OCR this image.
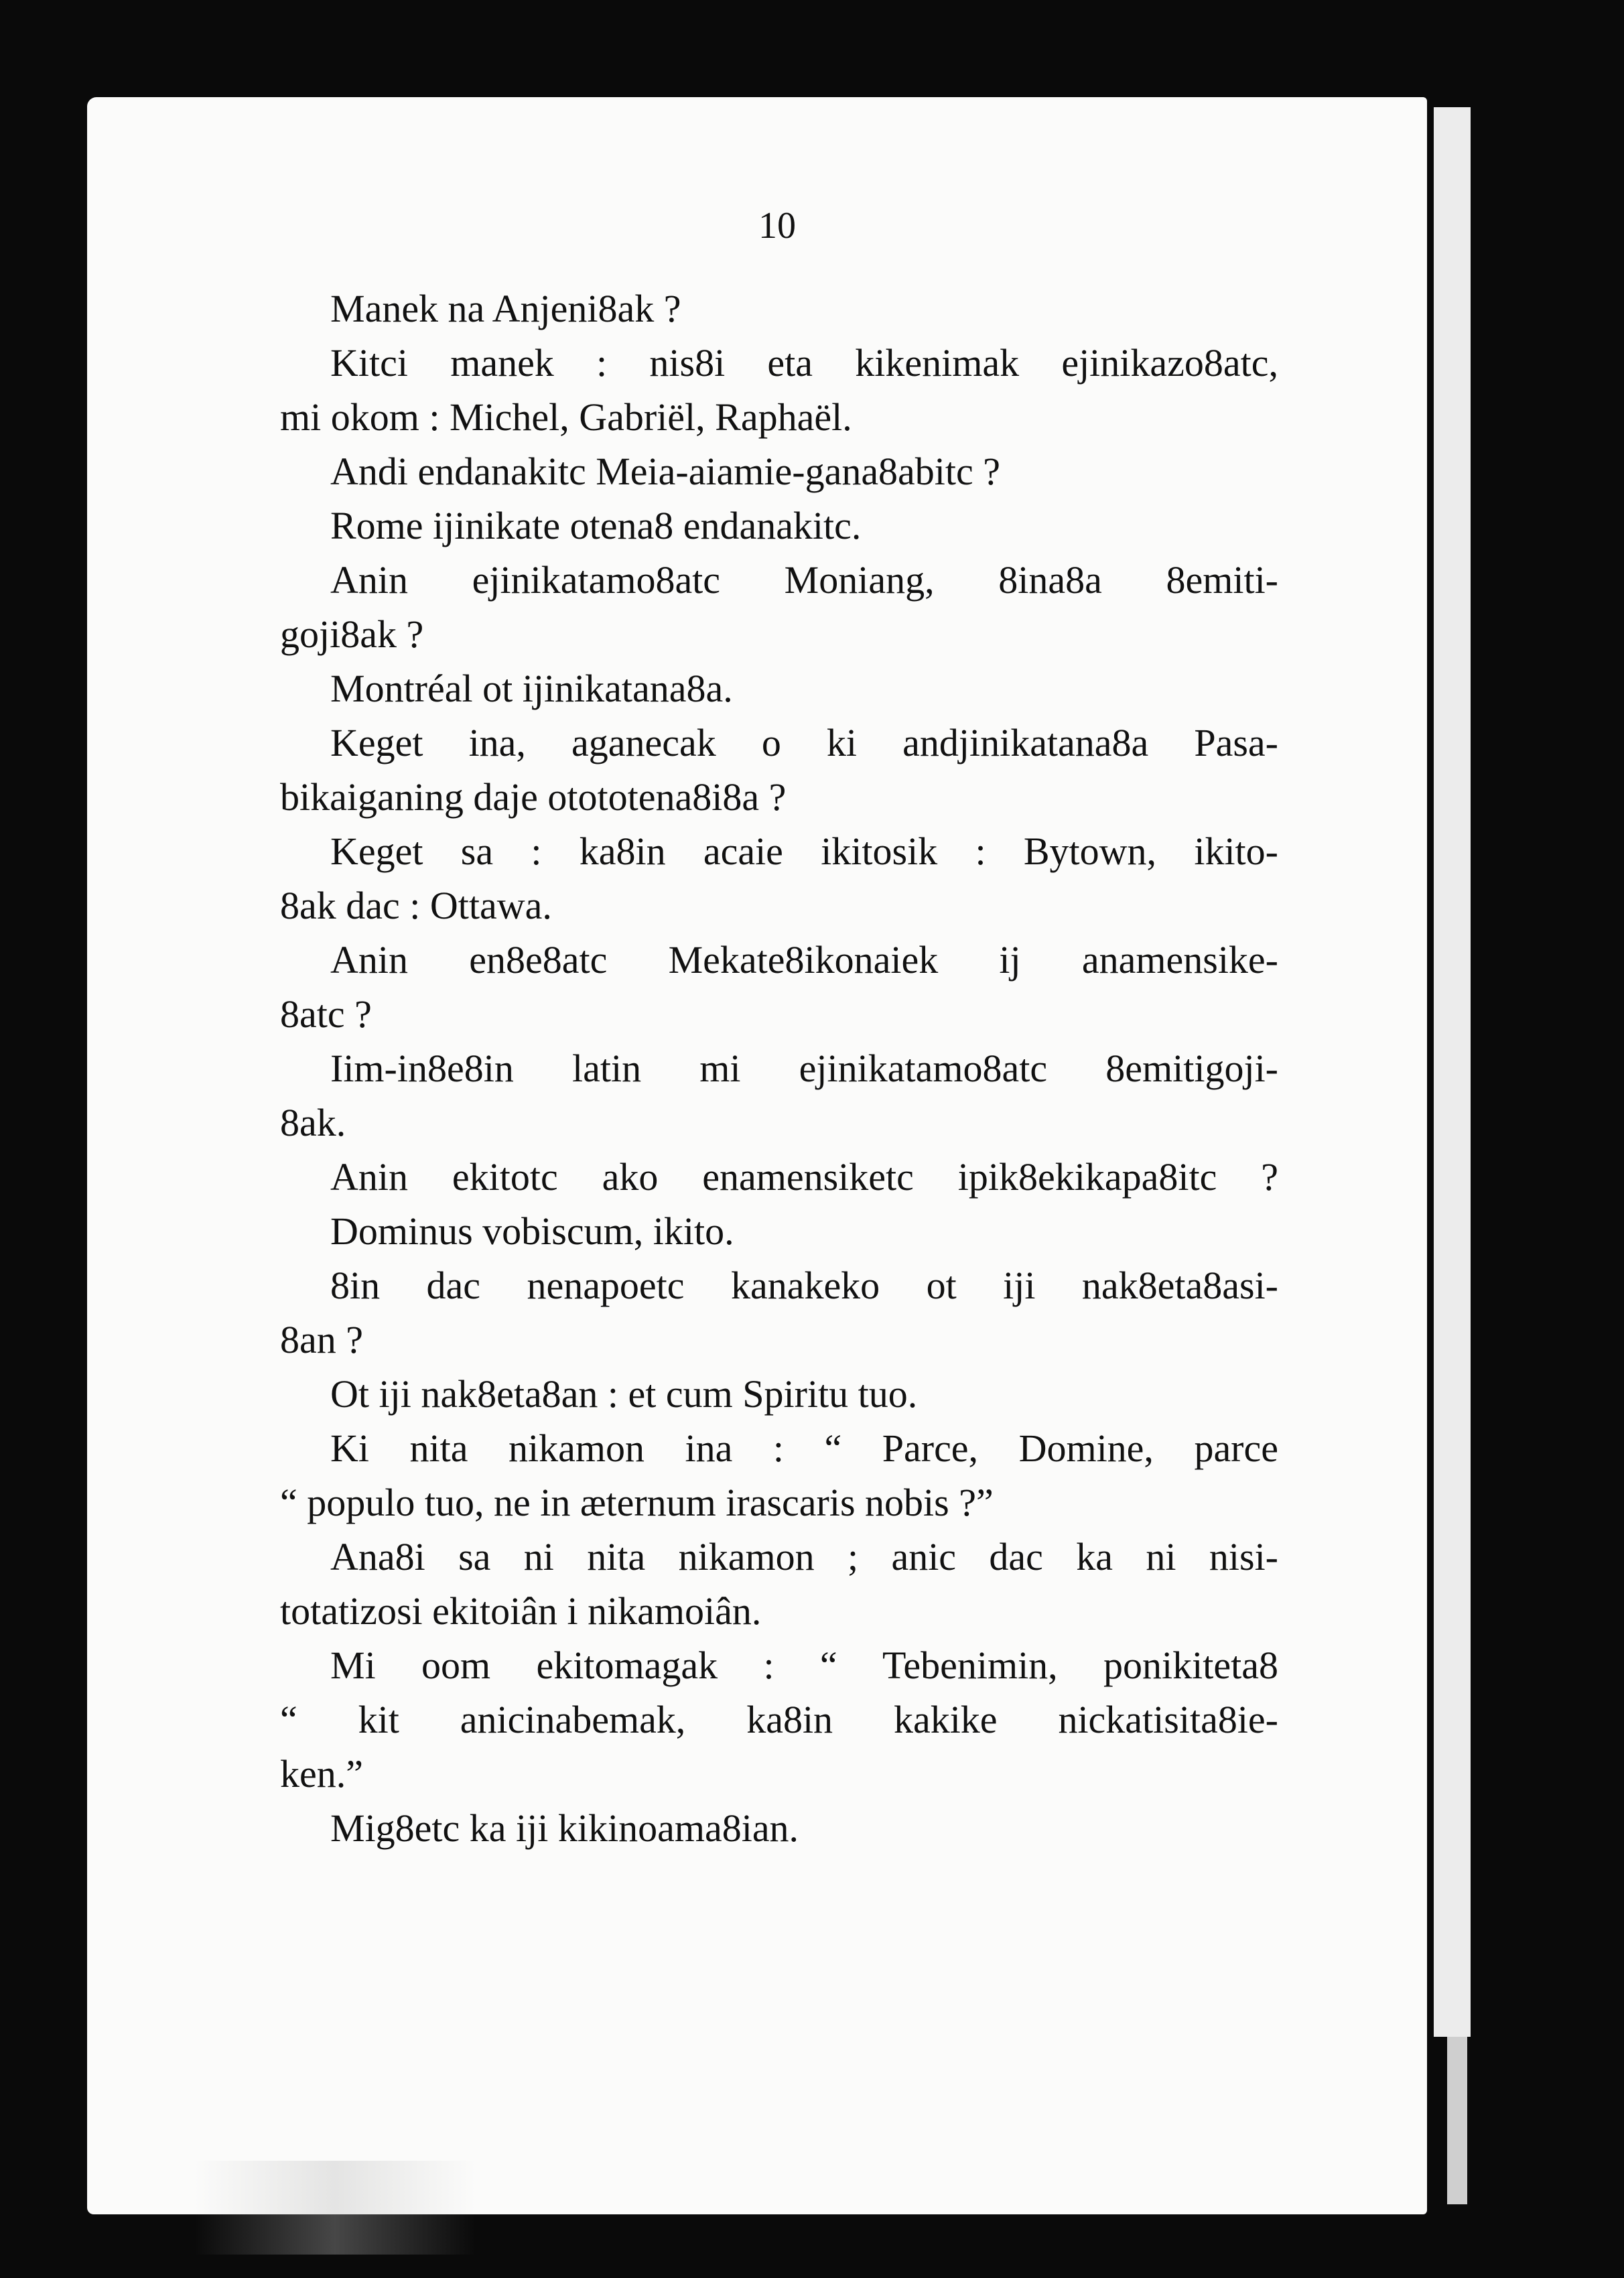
10
Manek na Anjeni8ak ?
Kitci manek : nis8i eta kikenimak ejinikazo8atc,
mi okom : Michel, Gabriël, Raphaël.
Andi endanakitc Meia-aiamie-gana8abitc ?
Rome ijinikate otena8 endanakitc.
Anin ejinikatamo8atc Moniang, 8ina8a 8emiti-
goji8ak ?
Montréal ot ijinikatana8a.
Keget ina, aganecak o ki andjinikatana8a Pasa-
bikaiganing daje otototena8i8a ?
Keget sa : ka8in acaie ikitosik : Bytown, ikito-
8ak dac : Ottawa.
Anin en8e8atc Mekate8ikonaiek ij anamensike-
8atc ?
Iim-in8e8in latin mi ejinikatamo8atc 8emitigoji-
8ak.
Anin ekitotc ako enamensiketc ipik8ekikapa8itc ?
Dominus vobiscum, ikito.
8in dac nenapoetc kanakeko ot iji nak8eta8asi-
8an ?
Ot iji nak8eta8an : et cum Spiritu tuo.
Ki nita nikamon ina : “ Parce, Domine, parce
“ populo tuo, ne in æternum irascaris nobis ?”
Ana8i sa ni nita nikamon ; anic dac ka ni nisi-
totatizosi ekitoiân i nikamoiân.
Mi oom ekitomagak : “ Tebenimin, ponikiteta8
“ kit anicinabemak, ka8in kakike nickatisita8ie-
ken.”
Mig8etc ka iji kikinoama8ian.
